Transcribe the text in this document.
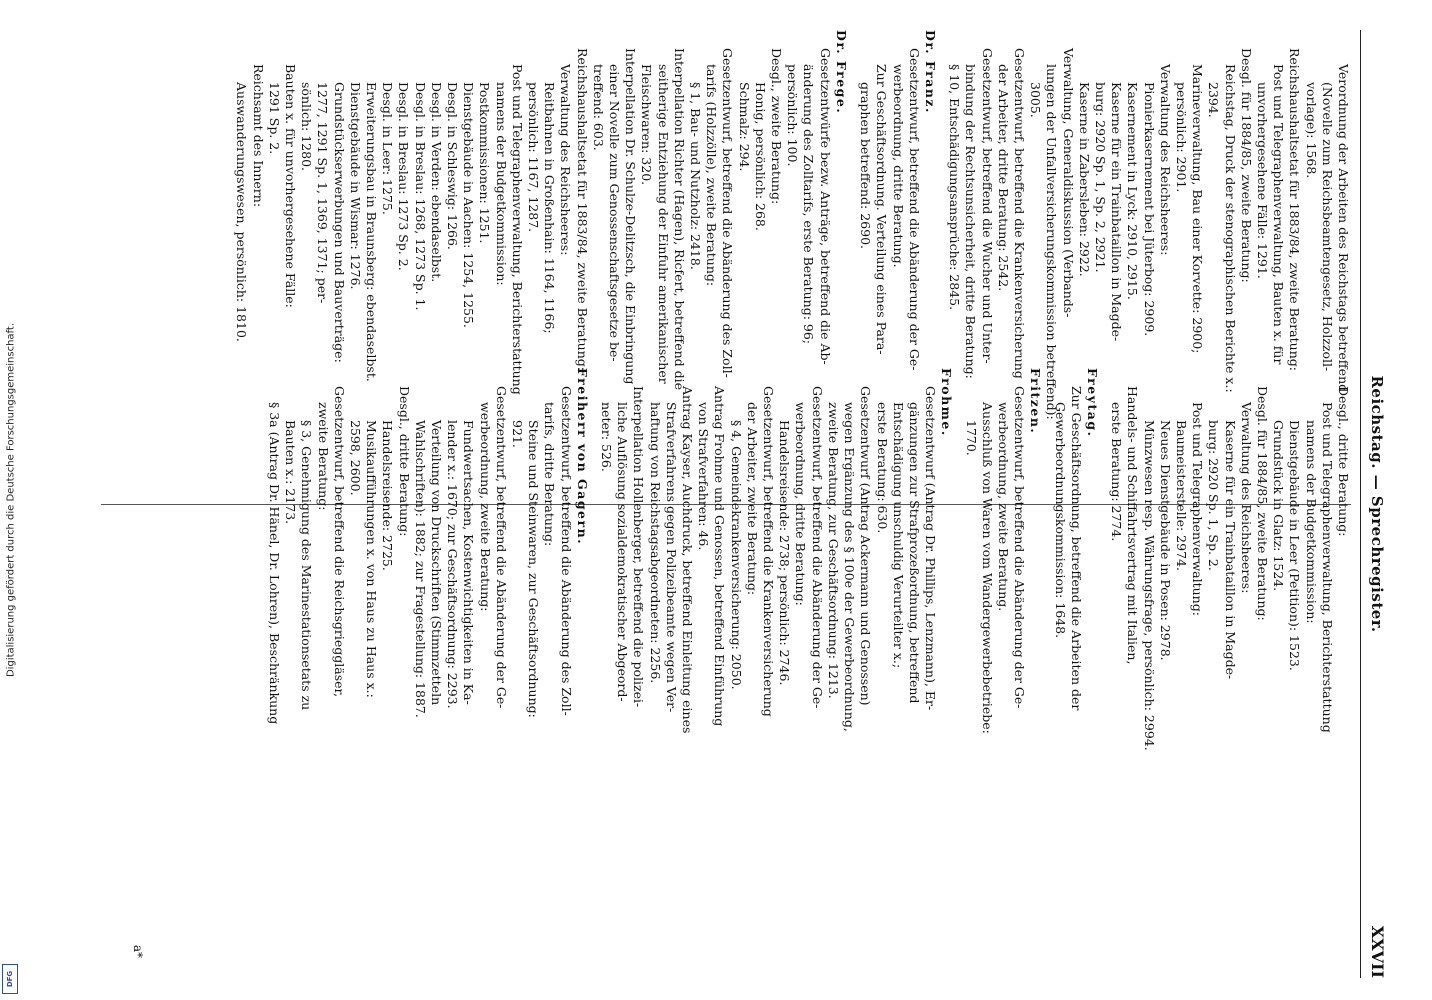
Digitalisierung gefördert durch die Deutsche Forschungsgemeinschaft.
DFG
Reichstag. — Sprechregister.
XXVII
Verordnung der Arbeiten des Reichstags betreffend
(Novelle zum Reichsbeamtengesetz, Holzzoll-
vorlage): 1568.
Reichshaushaltsetat für 1883/84, zweite Beratung:
Post und Telegraphenverwaltung, Bauten x. für
unvorhergesehene Fälle: 1291.
Desgl. für 1884/85, zweite Beratung:
Reichstag, Druck der stenographischen Berichte x.:
2394.
Marineverwaltung, Bau einer Korvette: 2900;
persönlich: 2901.
Verwaltung des Reichsheeres:
Pionierkasernement bei Jüterbog: 2909.
Kasernement in Lyck: 2910, 2915.
Kaserne für ein Trainbataillon in Magde-
burg: 2920 Sp. 1, Sp. 2, 2921.
Kaserne in Zabersleben: 2922.
Verwaltung, Generaldiskussion (Verbands-
lungen der Unfallversicherungskommission betreffend):
3005.
Gesetzentwurf, betreffend die Krankenversicherung
der Arbeiter, dritte Beratung: 2542.
Gesetzentwurf, betreffend die Wucher und Unter-
bindung der Rechtsunsicherheit, dritte Beratung:
§ 10, Entschädigungsansprüche: 2845.
Dr. Franz.
Gesetzentwurf, betreffend die Abänderung der Ge-
werbeordnung, dritte Beratung.
Zur Geschäftsordnung. Verteilung eines Para-
graphen betreffend: 2690.
Dr. Frege.
Gesetzentwürfe bezw. Anträge, betreffend die Ab-
änderung des Zolltarifs, erste Beratung: 96;
persönlich: 100.
Desgl., zweite Beratung:
Honig, persönlich: 268.
Schmalz: 294.
Gesetzentwurf, betreffend die Abänderung des Zoll-
tarifs (Holzzölle), zweite Beratung:
§ 1, Bau- und Nutzholz: 2418.
Interpellation Richter (Hagen), Ricfert, betreffend die
seitherige Entziehung der Einfuhr amerikanischer
Fleischwaren: 320.
Interpellation Dr. Schulze-Delitzsch, die Einbringung
einer Novelle zum Genossenschaftsgesetze be-
treffend: 603.
Reichshaushaltsetat für 1883/84, zweite Beratung:
Verwaltung des Reichsheeres:
Reitbahnen in Großenhain: 1164, 1166;
persönlich: 1167, 1287.
Post und Telegraphenverwaltung, Berichterstattung
namens der Budgetkommission:
Postkommissionen: 1251.
Dienstgebäude in Aachen: 1254, 1255.
Desgl. in Schleswig: 1266.
Desgl. in Verden: ebendaselbst.
Desgl. in Breslau: 1268, 1273 Sp. 1.
Desgl. in Breslau: 1273 Sp. 2.
Desgl. in Leer: 1275.
Erweiterungsbau in Braunsberg: ebendaselbst.
Dienstgebäude in Wismar: 1276.
Grundstückserwerbungen und Bauverträge:
1277, 1291 Sp. 1, 1369, 1371; per-
sönlich: 1280.
Bauten x. für unvorhergesehene Fälle:
1291 Sp. 2.
Reichsamt des Innern:
Auswanderungswesen, persönlich: 1810.
Desgl., dritte Beratung:
Post und Telegraphenverwaltung, Berichterstattung
namens der Budgetkommission:
Dienstgebäude in Leer (Petition): 1523.
Grundstück in Glatz: 1524.
Desgl. für 1884/85, zweite Beratung:
Verwaltung des Reichsheeres:
Kaserne für ein Trainbataillon in Magde-
burg: 2920 Sp. 1, Sp. 2.
Post und Telegraphenverwaltung:
Baumeisterstelle: 2974.
Neues Dienstgebäude in Posen: 2978.
Münzwesen resp. Währungsfrage, persönlich: 2994.
Handels- und Schiffahrtsvertrag mit Italien,
erste Beratung: 2774.
Freytag.
Zur Geschäftsordnung, betreffend die Arbeiten der
Gewerbeordnungskommission: 1648.
Fritzen.
Gesetzentwurf, betreffend die Abänderung der Ge-
werbeordnung, zweite Beratung.
Ausschluß von Waren vom Wandergewerbebetriebe:
1770.
Frohme.
Gesetzentwurf (Antrag Dr. Phillips, Lenzmann), Er-
gänzungen zur Strafprozeßordnung, betreffend
Entschädigung unschuldig Verurteilter x.;
erste Beratung: 630.
Gesetzentwurf (Antrag Ackermann und Genossen)
wegen Ergänzung des § 100e der Gewerbeordnung,
zweite Beratung, zur Geschäftsordnung: 1213.
Gesetzentwurf, betreffend die Abänderung der Ge-
werbeordnung, dritte Beratung:
Handelsreisende: 2738; persönlich: 2746.
Gesetzentwurf, betreffend die Krankenversicherung
der Arbeiter, zweite Beratung:
§ 4, Gemeindekrankenversicherung: 2050.
Antrag Frohme und Genossen, betreffend Einführung
von Strafverfahren: 46.
Antrag Kayser, Auchdruck, betreffend Einleitung eines
Strafverfahrens gegen Polizeibeamte wegen Ver-
haftung von Reichstagsabgeordneten: 2256.
Interpellation Hollenberger, betreffend die polizei-
liche Auflösung sozialdemokratischer Abgeord-
neter: 526.
Freiherr von Gagern.
Gesetzentwurf, betreffend die Abänderung des Zoll-
tarifs, dritte Beratung:
Steine und Steinwaren, zur Geschäftsordnung:
921.
Gesetzentwurf, betreffend die Abänderung der Ge-
werbeordnung, zweite Beratung:
Fundwertsachen, Kostenwichtigkeiten in Ka-
lender x.: 1670; zur Geschäftsordnung: 2293.
Verteilung von Druckschriften (Stimmzetteln
Wahlschriften): 1882; zur Fragestellung: 1887.
Desgl., dritte Beratung:
Handelsreisende: 2725.
Musikaufführungen x. von Haus zu Haus x.:
2598, 2600.
Gesetzentwurf, betreffend die Reichsgrieggläser,
zweite Beratung:
§ 3, Genehmigung des Marinestationsetats zu
Bauten x.: 2173.
§ 3a (Antrag Dr. Hänel, Dr. Lohren), Beschränkung
a*
